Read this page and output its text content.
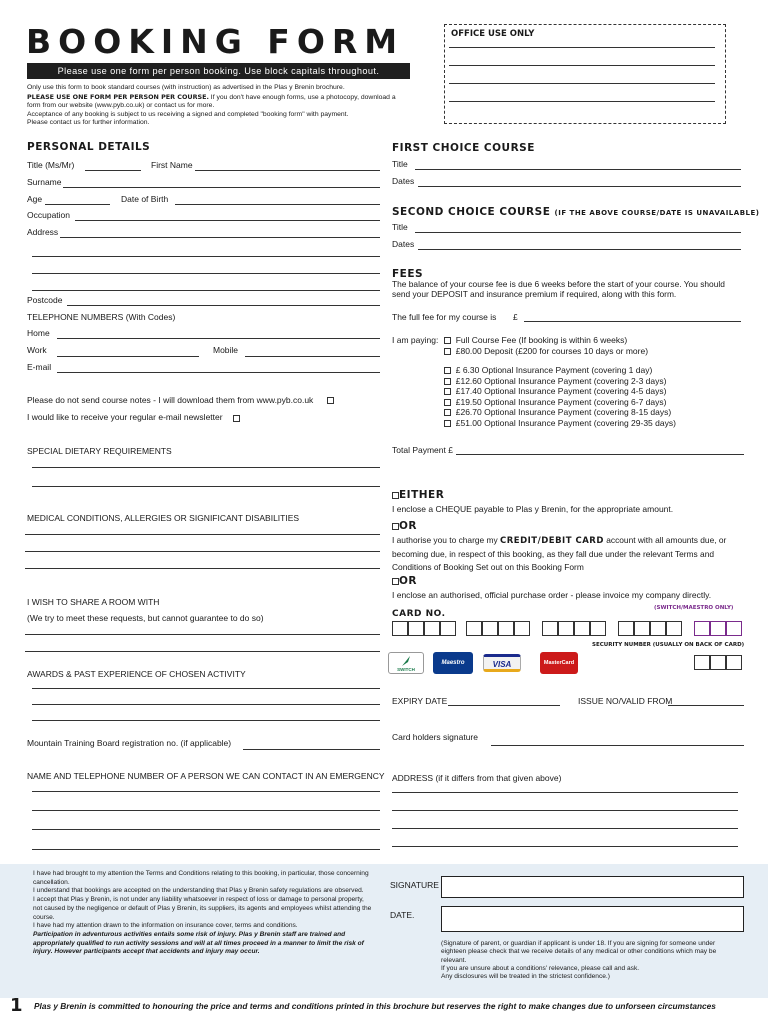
BOOKING FORM
Please use one form per person booking. Use block capitals throughout.
Only use this form to book standard courses (with instruction) as advertised in the Plas y Brenin brochure.
PLEASE USE ONE FORM PER PERSON PER COURSE. If you don't have enough forms, use a photocopy, download a form from our website (www.pyb.co.uk) or contact us for more.
Acceptance of any booking is subject to us receiving a signed and completed "booking form" with payment.
Please contact us for further information.
OFFICE USE ONLY
PERSONAL DETAILS
Title (Ms/Mr)	First Name
Surname
Age	Date of Birth
Occupation
Address
Postcode
TELEPHONE NUMBERS (With Codes)
Home
Work	Mobile
E-mail
Please do not send course notes - I will download them from www.pyb.co.uk
I would like to receive your regular e-mail newsletter
SPECIAL DIETARY REQUIREMENTS
MEDICAL CONDITIONS, ALLERGIES OR SIGNIFICANT DISABILITIES
I WISH TO SHARE A ROOM WITH
(We try to meet these requests, but cannot guarantee to do so)
AWARDS & PAST EXPERIENCE OF CHOSEN ACTIVITY
Mountain Training Board registration no. (if applicable)
NAME AND TELEPHONE NUMBER OF A PERSON WE CAN CONTACT IN AN EMERGENCY
FIRST CHOICE COURSE
Title
Dates
SECOND CHOICE COURSE (IF THE ABOVE COURSE/DATE IS UNAVAILABLE)
Title
Dates
FEES
The balance of your course fee is due 6 weeks before the start of your course. You should send your DEPOSIT and insurance premium if required, along with this form.
The full fee for my course is £
I am paying:	Full Course Fee (If booking is within 6 weeks)
£80.00 Deposit (£200 for courses 10 days or more)
£ 6.30 Optional Insurance Payment (covering 1 day)
£12.60 Optional Insurance Payment (covering 2-3 days)
£17.40 Optional Insurance Payment (covering 4-5 days)
£19.50 Optional Insurance Payment (covering 6-7 days)
£26.70 Optional Insurance Payment (covering 8-15 days)
£51.00 Optional Insurance Payment (covering 29-35 days)
Total Payment £
EITHER
I enclose a CHEQUE payable to Plas y Brenin, for the appropriate amount.
OR
I authorise you to charge my CREDIT/DEBIT CARD account with all amounts due, or becoming due, in respect of this booking, as they fall due under the relevant Terms and Conditions of Booking Set out on this Booking Form
OR
I enclose an authorised, official purchase order - please invoice my company directly.
CARD NO.
(SWITCH/MAESTRO ONLY)
SECURITY NUMBER (USUALLY ON BACK OF CARD)
SWITCH
Maestro	VISA	MasterCard
EXPIRY DATE	ISSUE NO/VALID FROM
Card holders signature
ADDRESS (if it differs from that given above)
I have had brought to my attention the Terms and Conditions relating to this booking, in particular, those concerning cancellation.
I understand that bookings are accepted on the understanding that Plas y Brenin safety regulations are observed.
I accept that Plas y Brenin, is not under any liability whatsoever in respect of loss or damage to personal property, not caused by the negligence or default of Plas y Brenin, its suppliers, its agents and employees whilst attending the course.
I have had my attention drawn to the information on insurance cover, terms and conditions.
Participation in adventurous activities entails some risk of injury. Plas y Brenin staff are trained and appropriately qualified to run activity sessions and will at all times proceed in a manner to limit the risk of injury. However participants accept that accidents and injury may occur.
SIGNATURE
DATE.
(Signature of parent, or guardian if applicant is under 18. If you are signing for someone under eighteen please check that we receive details of any medical or other conditions which may be relevant.
If you are unsure about a conditions' relevance, please call and ask.
Any disclosures will be treated in the strictest confidence.)
1 Plas y Brenin is committed to honouring the price and terms and conditions printed in this brochure but reserves the right to make changes due to unforseen circumstances
